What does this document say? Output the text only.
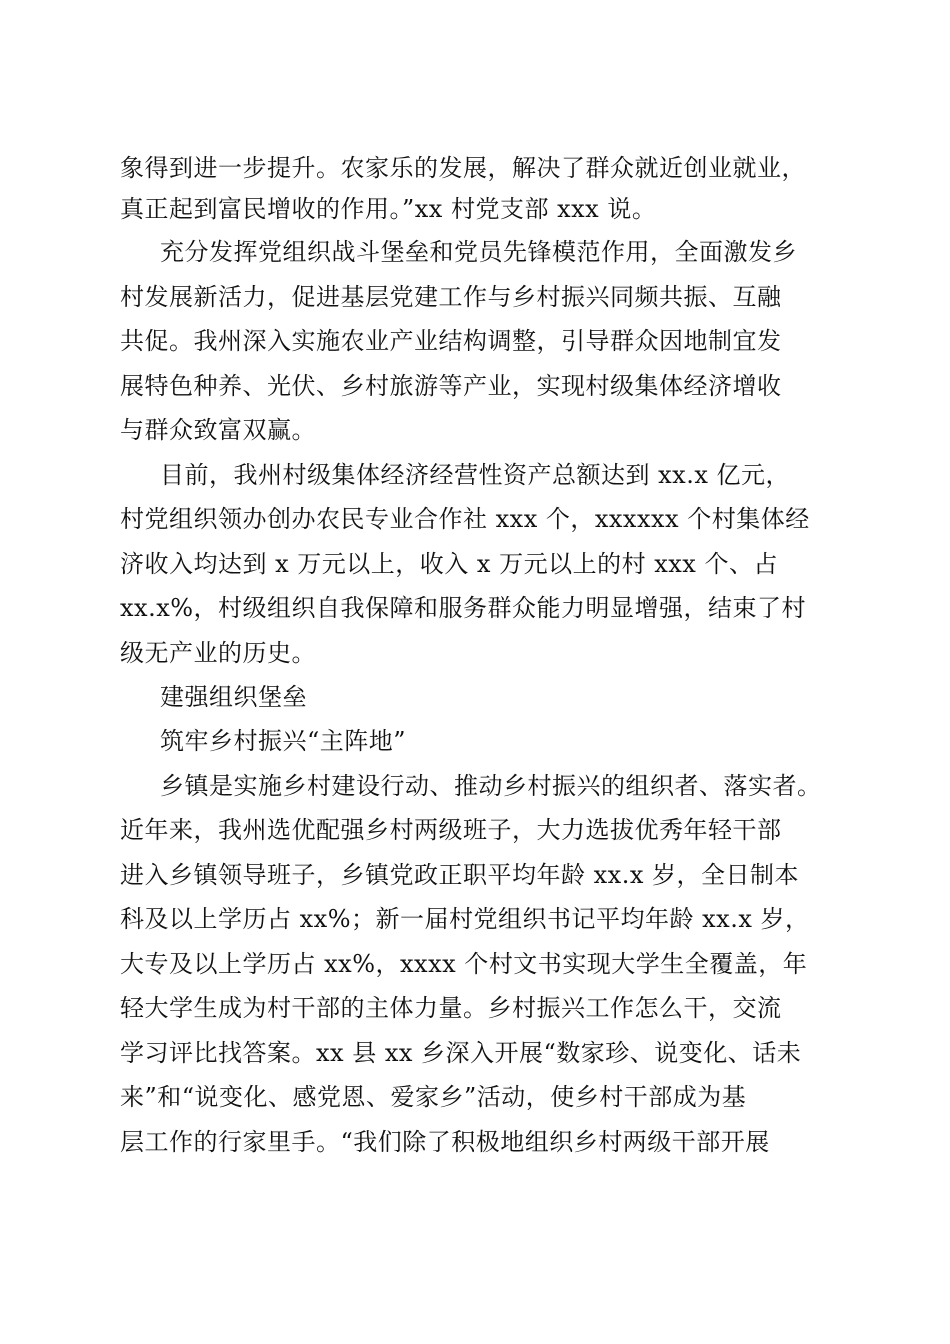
象得到进一步提升。农家乐的发展，解决了群众就近创业就业，
真正起到富民增收的作用。”xx 村党支部 xxx 说。
充分发挥党组织战斗堡垒和党员先锋模范作用，全面激发乡
村发展新活力，促进基层党建工作与乡村振兴同频共振、互融
共促。我州深入实施农业产业结构调整，引导群众因地制宜发
展特色种养、光伏、乡村旅游等产业，实现村级集体经济增收
与群众致富双赢。
目前，我州村级集体经济经营性资产总额达到 xx.x 亿元，
村党组织领办创办农民专业合作社 xxx 个，xxxxxx 个村集体经
济收入均达到 x 万元以上，收入 x 万元以上的村 xxx 个、占
xx.x%，村级组织自我保障和服务群众能力明显增强，结束了村
级无产业的历史。
建强组织堡垒
筑牢乡村振兴“主阵地”
乡镇是实施乡村建设行动、推动乡村振兴的组织者、落实者。
近年来，我州选优配强乡村两级班子，大力选拔优秀年轻干部
进入乡镇领导班子，乡镇党政正职平均年龄 xx.x 岁，全日制本
科及以上学历占 xx%；新一届村党组织书记平均年龄 xx.x 岁，
大专及以上学历占 xx%，xxxx 个村文书实现大学生全覆盖，年
轻大学生成为村干部的主体力量。乡村振兴工作怎么干，交流
学习评比找答案。xx 县 xx 乡深入开展“数家珍、说变化、话未
来”和“说变化、感党恩、爱家乡”活动，使乡村干部成为基
层工作的行家里手。“我们除了积极地组织乡村两级干部开展
